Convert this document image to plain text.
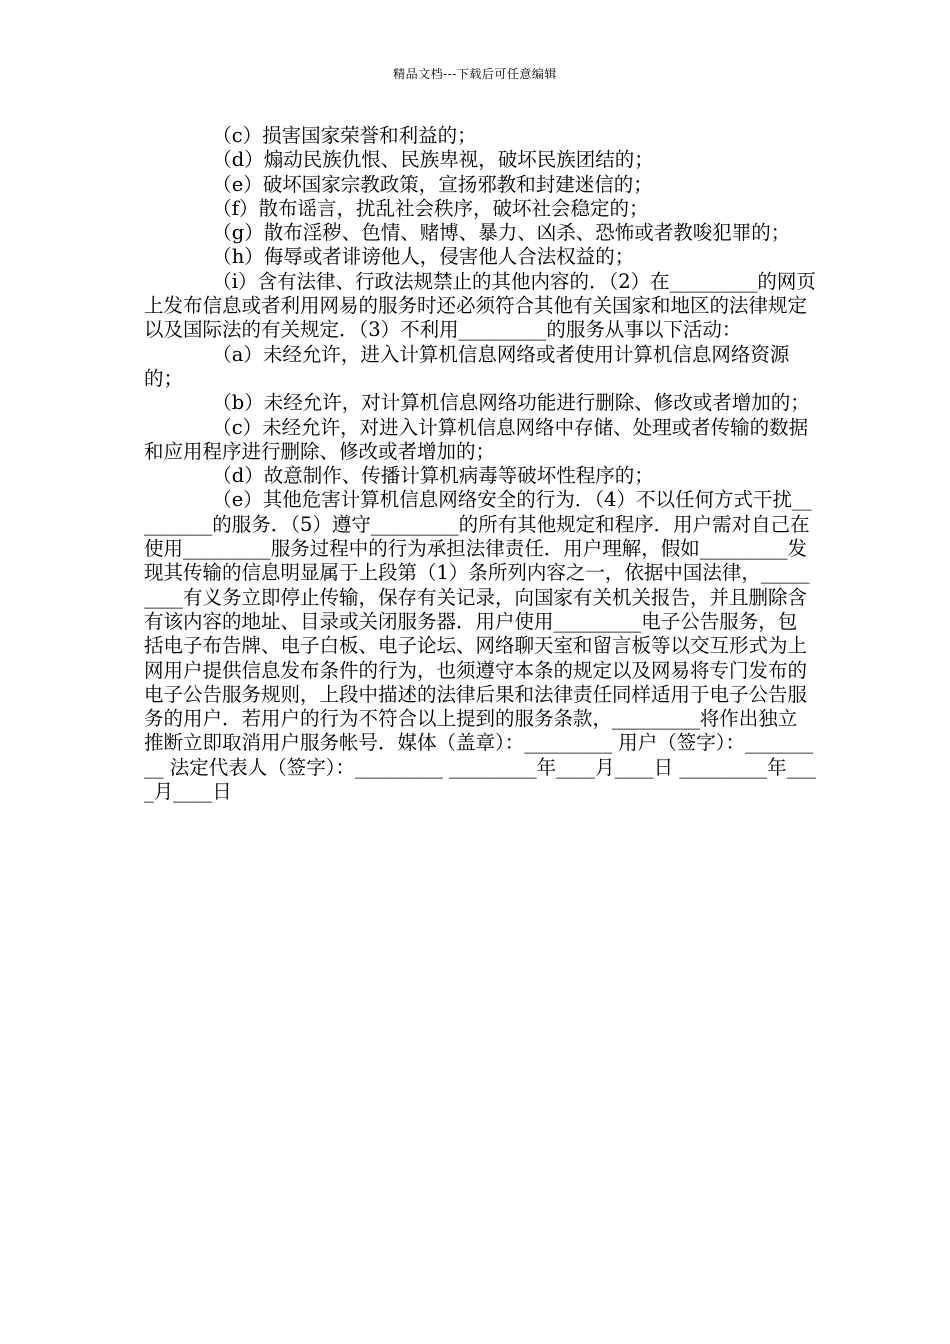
精品文档---下载后可任意编辑

（c）损害国家荣誉和利益的；

（d）煽动民族仇恨、民族卑视，破坏民族团结的；

（e）破坏国家宗教政策，宣扬邪教和封建迷信的；

（f）散布谣言，扰乱社会秩序，破坏社会稳定的；

（g）散布淫秽、色情、赌博、暴力、凶杀、恐怖或者教唆犯罪的；

（h）侮辱或者诽谤他人，侵害他人合法权益的；

（i）含有法律、行政法规禁止的其他内容的．（2）在_________的网页上发布信息或者利用网易的服务时还必须符合其他有关国家和地区的法律规定以及国际法的有关规定．（3）不利用_________的服务从事以下活动：

（a）未经允许，进入计算机信息网络或者使用计算机信息网络资源的；

（b）未经允许，对计算机信息网络功能进行删除、修改或者增加的；

（c）未经允许，对进入计算机信息网络中存储、处理或者传输的数据和应用程序进行删除、修改或者增加的；

（d）故意制作、传播计算机病毒等破坏性程序的；

（e）其他危害计算机信息网络安全的行为．（4）不以任何方式干扰_________的服务．（5）遵守_________的所有其他规定和程序．用户需对自己在使用_________服务过程中的行为承担法律责任．用户理解，假如_________发现其传输的信息明显属于上段第（1）条所列内容之一，依据中国法律，_________有义务立即停止传输，保存有关记录，向国家有关机关报告，并且删除含有该内容的地址、目录或关闭服务器．用户使用_________电子公告服务，包括电子布告牌、电子白板、电子论坛、网络聊天室和留言板等以交互形式为上网用户提供信息发布条件的行为，也须遵守本条的规定以及网易将专门发布的电子公告服务规则，上段中描述的法律后果和法律责任同样适用于电子公告服务的用户．若用户的行为不符合以上提到的服务条款，_________将作出独立推断立即取消用户服务帐号．媒体（盖章）：_________ 用户（签字）：_________ 法定代表人（签字）：_________ _________年____月____日 _________年____月____日
